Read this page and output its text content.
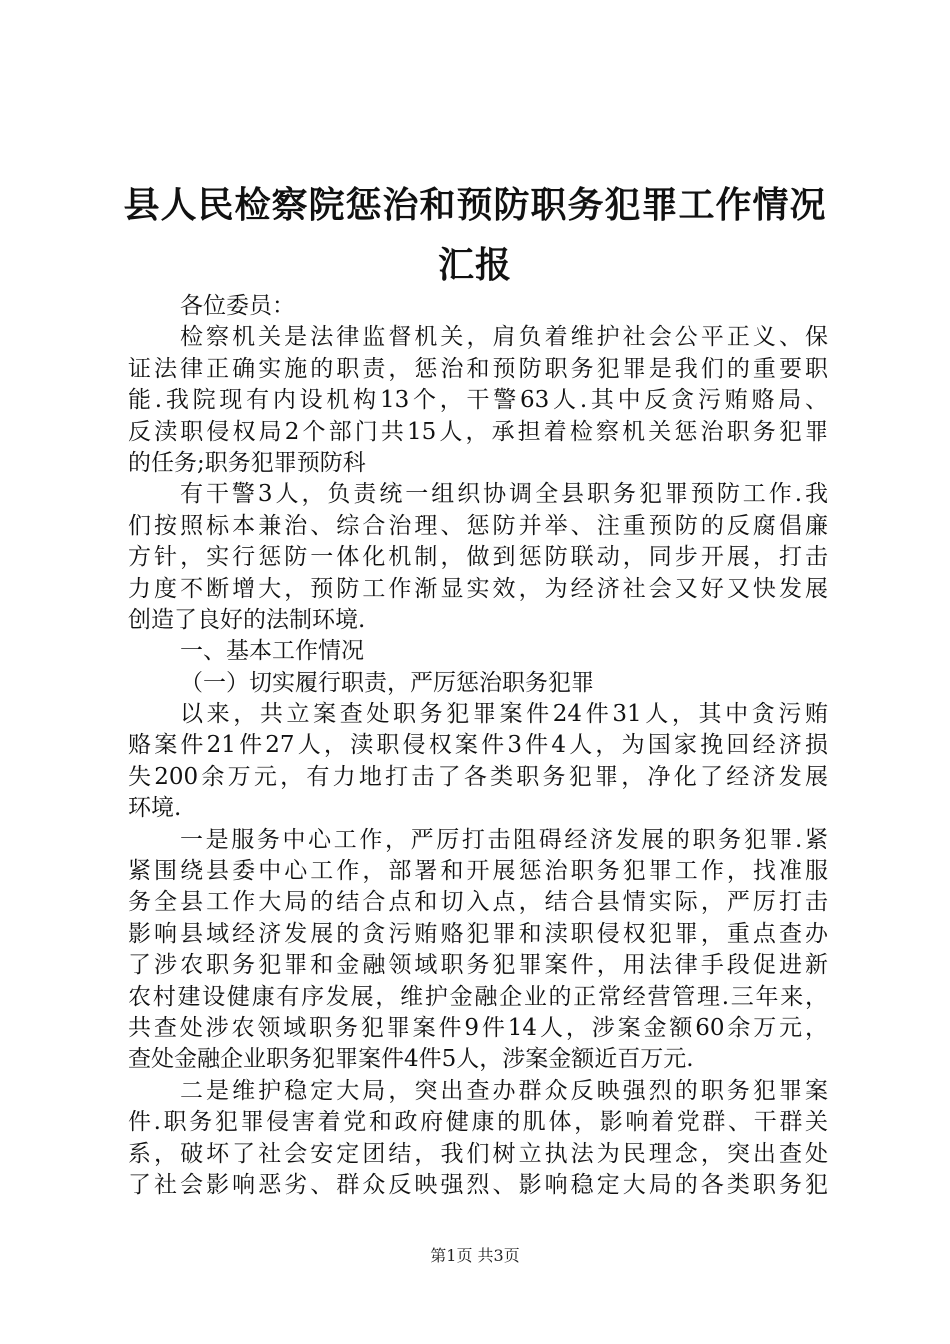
县人民检察院惩治和预防职务犯罪工作情况汇报
各位委员：
检察机关是法律监督机关，肩负着维护社会公平正义、保
证法律正确实施的职责，惩治和预防职务犯罪是我们的重要职
能.我院现有内设机构13个，干警63人.其中反贪污贿赂局、
反渎职侵权局2个部门共15人，承担着检察机关惩治职务犯罪
的任务;职务犯罪预防科
有干警3人，负责统一组织协调全县职务犯罪预防工作.我
们按照标本兼治、综合治理、惩防并举、注重预防的反腐倡廉
方针，实行惩防一体化机制，做到惩防联动，同步开展，打击
力度不断增大，预防工作渐显实效，为经济社会又好又快发展
创造了良好的法制环境.
一、基本工作情况
（一）切实履行职责，严厉惩治职务犯罪
以来，共立案查处职务犯罪案件24件31人，其中贪污贿
赂案件21件27人，渎职侵权案件3件4人，为国家挽回经济损
失200余万元，有力地打击了各类职务犯罪，净化了经济发展
环境.
一是服务中心工作，严厉打击阻碍经济发展的职务犯罪.紧
紧围绕县委中心工作，部署和开展惩治职务犯罪工作，找准服
务全县工作大局的结合点和切入点，结合县情实际，严厉打击
影响县域经济发展的贪污贿赂犯罪和渎职侵权犯罪，重点查办
了涉农职务犯罪和金融领域职务犯罪案件，用法律手段促进新
农村建设健康有序发展，维护金融企业的正常经营管理.三年来，
共查处涉农领域职务犯罪案件9件14人，涉案金额60余万元，
查处金融企业职务犯罪案件4件5人，涉案金额近百万元.
二是维护稳定大局，突出查办群众反映强烈的职务犯罪案
件.职务犯罪侵害着党和政府健康的肌体，影响着党群、干群关
系，破坏了社会安定团结，我们树立执法为民理念，突出查处
了社会影响恶劣、群众反映强烈、影响稳定大局的各类职务犯
第1页 共3页
